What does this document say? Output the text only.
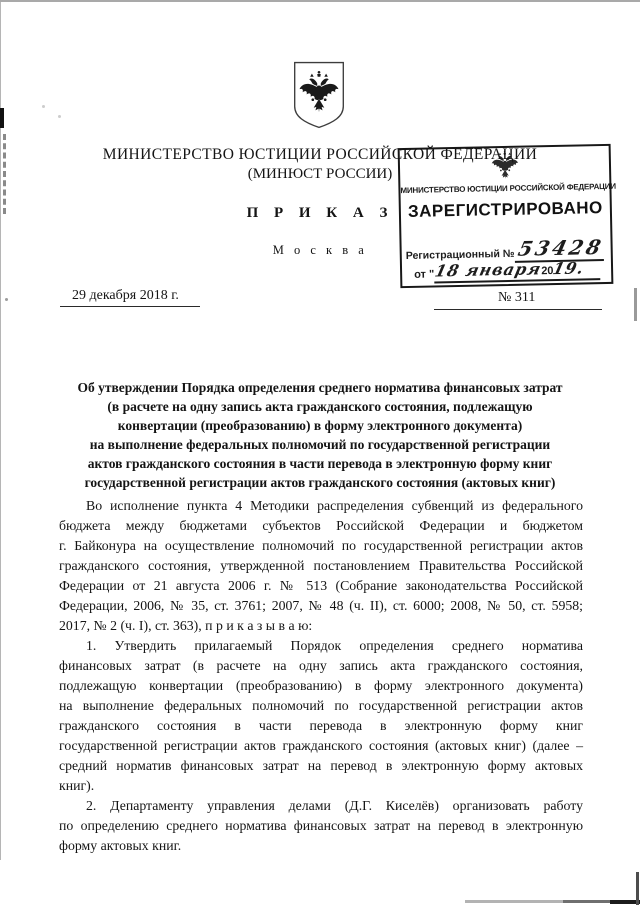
МИНИСТЕРСТВО ЮСТИЦИИ РОССИЙСКОЙ ФЕДЕРАЦИИ
(МИНЮСТ РОССИИ)
П Р И К А З
М о с к в а
29 декабря 2018 г.	№ 311
МИНИСТЕРСТВО ЮСТИЦИИ РОССИЙСКОЙ ФЕДЕРАЦИИ
ЗАРЕГИСТРИРОВАНО
Регистрационный № 53428
от "
18 января2019.
Об утверждении Порядка определения среднего норматива финансовых затрат
(в расчете на одну запись акта гражданского состояния, подлежащую
конвертации (преобразованию) в форму электронного документа)
на выполнение федеральных полномочий по государственной регистрации
актов гражданского состояния в части перевода в электронную форму книг
государственной регистрации актов гражданского состояния (актовых книг)
Во исполнение пункта 4 Методики распределения субвенций из федерального
бюджета между бюджетами субъектов Российской Федерации и бюджетом
г. Байконура на осуществление полномочий по государственной регистрации актов
гражданского состояния, утвержденной постановлением Правительства Российской
Федерации от 21 августа 2006 г. № 513 (Собрание законодательства Российской
Федерации, 2006, № 35, ст. 3761; 2007, № 48 (ч. II), ст. 6000; 2008, № 50, ст. 5958;
2017, № 2 (ч. I), ст. 363), п р и к а з ы в а ю:
1. Утвердить прилагаемый Порядок определения среднего норматива
финансовых затрат (в расчете на одну запись акта гражданского состояния,
подлежащую конвертации (преобразованию) в форму электронного документа)
на выполнение федеральных полномочий по государственной регистрации актов
гражданского состояния в части перевода в электронную форму книг
государственной регистрации актов гражданского состояния (актовых книг) (далее –
средний норматив финансовых затрат на перевод в электронную форму актовых
книг).
2. Департаменту управления делами (Д.Г. Киселёв) организовать работу
по определению среднего норматива финансовых затрат на перевод в электронную
форму актовых книг.
